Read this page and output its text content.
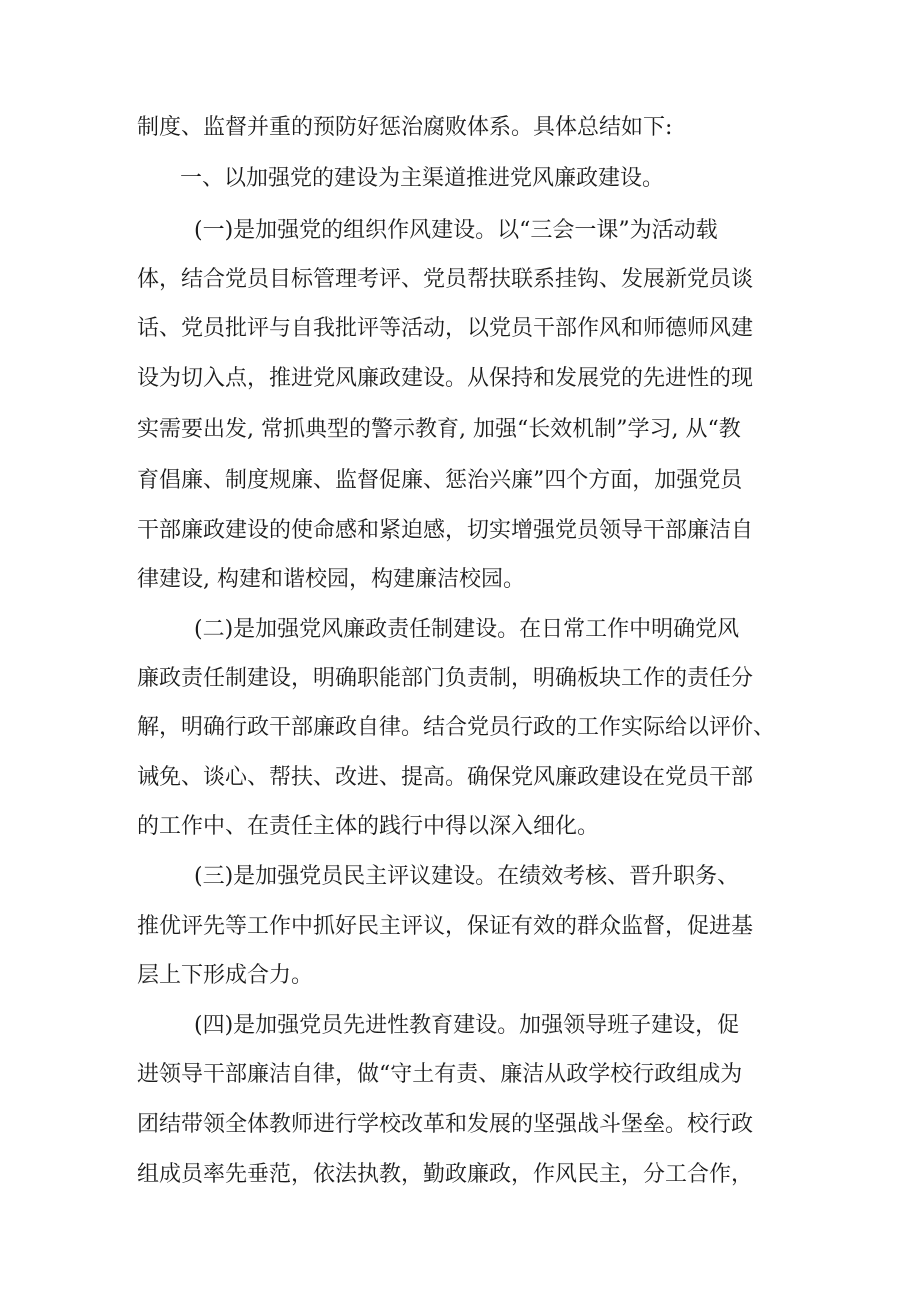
制度、监督并重的预防好惩治腐败体系。具体总结如下:

一、以加强党的建设为主渠道推进党风廉政建设。

(一)是加强党的组织作风建设。以“三会一课”为活动载

体，结合党员目标管理考评、党员帮扶联系挂钩、发展新党员谈

话、党员批评与自我批评等活动，以党员干部作风和师德师风建

设为切入点，推进党风廉政建设。从保持和发展党的先进性的现

实需要出发, 常抓典型的警示教育, 加强“长效机制”学习, 从“教

育倡廉、制度规廉、监督促廉、惩治兴廉”四个方面，加强党员

干部廉政建设的使命感和紧迫感，切实增强党员领导干部廉洁自

律建设, 构建和谐校园，构建廉洁校园。

(二)是加强党风廉政责任制建设。在日常工作中明确党风

廉政责任制建设，明确职能部门负责制，明确板块工作的责任分

解，明确行政干部廉政自律。结合党员行政的工作实际给以评价、

诫免、谈心、帮扶、改进、提高。确保党风廉政建设在党员干部

的工作中、在责任主体的践行中得以深入细化。

(三)是加强党员民主评议建设。在绩效考核、晋升职务、

推优评先等工作中抓好民主评议，保证有效的群众监督，促进基

层上下形成合力。

(四)是加强党员先进性教育建设。加强领导班子建设，促

进领导干部廉洁自律，做“守土有责、廉洁从政学校行政组成为

团结带领全体教师进行学校改革和发展的坚强战斗堡垒。校行政

组成员率先垂范，依法执教，勤政廉政，作风民主，分工合作，
